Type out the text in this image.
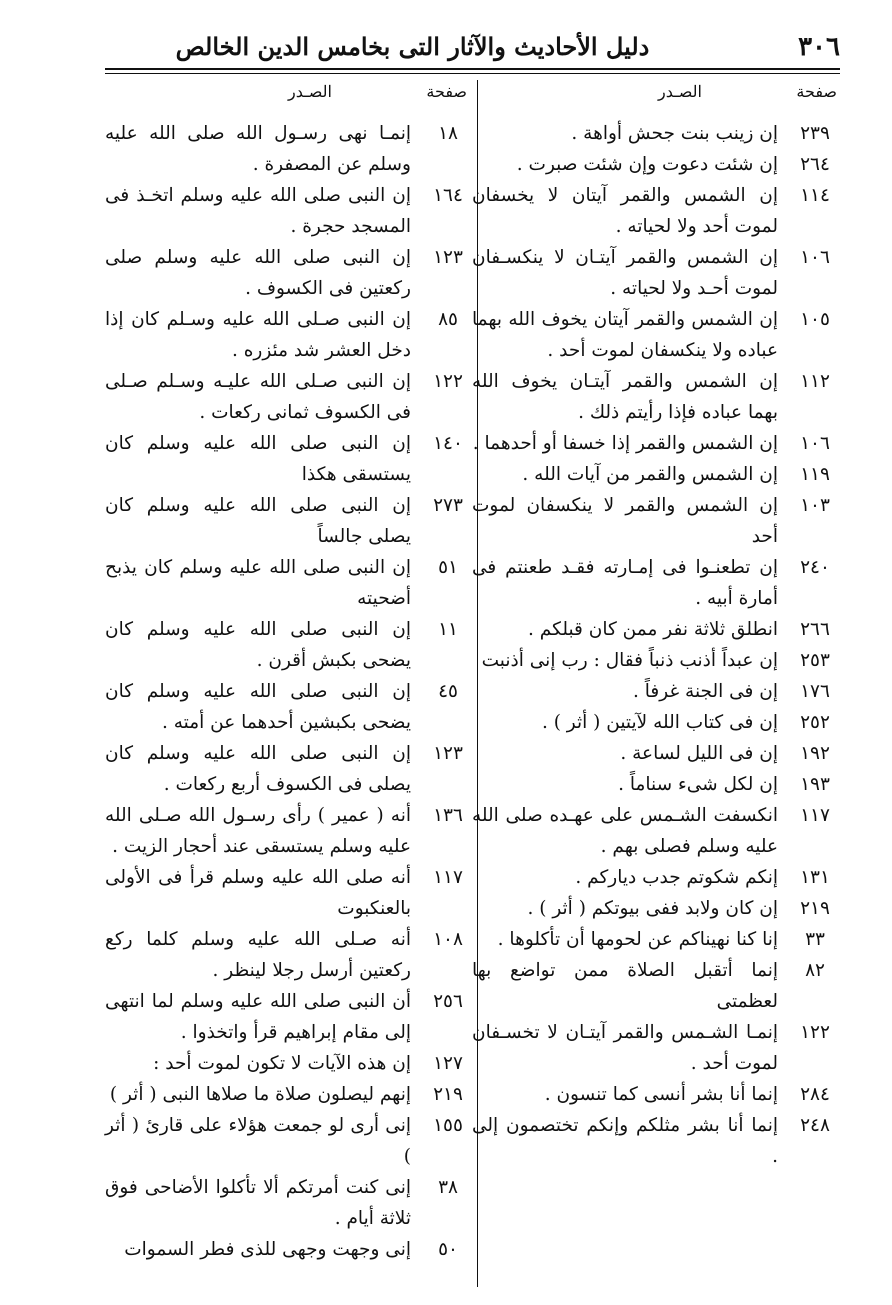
٣٠٦
دليل الأحاديث والآثار التى بخامس الدين الخالص
صفحة
الصـدر
صفحة
الصـدر
٢٣٩
إن زينب بنت جحش أواهة .
٢٦٤
إن شئت دعوت وإن شئت صبرت .
١١٤
إن الشمس والقمر آيتان لا يخسفان لموت أحد ولا لحياته .
١٠٦
إن الشمس والقمر آيتـان لا ينكسـفان لموت أحـد ولا لحياته .
١٠٥
إن الشمس والقمر آيتان يخوف الله بهما عباده ولا ينكسفان لموت أحد .
١١٢
إن الشمس والقمر آيتـان يخوف الله بهما عباده فإذا رأيتم ذلك .
١٠٦
إن الشمس والقمر إذا خسفا أو أحدهما .
١١٩
إن الشمس والقمر من آيات الله .
١٠٣
إن الشمس والقمر لا ينكسفان لموت أحد
٢٤٠
إن تطعنـوا فى إمـارته فقـد طعنتم فى أمارة أبيه .
٢٦٦
انطلق ثلاثة نفر ممن كان قبلكم .
٢٥٣
إن عبداً أذنب ذنباً فقال : رب إنى أذنبت
١٧٦
إن فى الجنة غرفاً .
٢٥٢
إن فى كتاب الله لآيتين ( أثر ) .
١٩٢
إن فى الليل لساعة .
١٩٣
إن لكل شىء سناماً .
١١٧
انكسفت الشـمس على عهـده صلى الله عليه وسلم فصلى بهم .
١٣١
إنكم شكوتم جدب دياركم .
٢١٩
إن كان ولابد ففى بيوتكم ( أثر ) .
٣٣
إنا كنا نهيناكم عن لحومها أن تأكلوها .
٨٢
إنما أتقبل الصلاة ممن تواضع بها لعظمتى
١٢٢
إنمـا الشـمس والقمر آيتـان لا تخسـفان لموت أحد .
٢٨٤
إنما أنا بشر أنسى كما تنسون .
٢٤٨
إنما أنا بشر مثلكم وإنكم تختصمون إلى .
١٨
إنمـا نهى رسـول الله صلى الله عليه وسلم عن المصفرة .
١٦٤
إن النبى صلى الله عليه وسلم اتخـذ فى المسجد حجرة .
١٢٣
إن النبى صلى الله عليه وسلم صلى ركعتين فى الكسوف .
٨٥
إن النبى صـلى الله عليه وسـلم كان إذا دخل العشر شد مئزره .
١٢٢
إن النبى صـلى الله عليـه وسـلم صـلى فى الكسوف ثمانى ركعات .
١٤٠
إن النبى صلى الله عليه وسلم كان يستسقى هكذا
٢٧٣
إن النبى صلى الله عليه وسلم كان يصلى جالساً
٥١
إن النبى صلى الله عليه وسلم كان يذبح أضحيته
١١
إن النبى صلى الله عليه وسلم كان يضحى بكبش أقرن .
٤٥
إن النبى صلى الله عليه وسلم كان يضحى بكبشين أحدهما عن أمته .
١٢٣
إن النبى صلى الله عليه وسلم كان يصلى فى الكسوف أربع ركعات .
١٣٦
أنه ( عمير ) رأى رسـول الله صـلى الله عليه وسلم يستسقى عند أحجار الزيت .
١١٧
أنه صلى الله عليه وسلم قرأ فى الأولى بالعنكبوت
١٠٨
أنه صـلى الله عليه وسلم كلما ركع ركعتين أرسل رجلا لينظر .
٢٥٦
أن النبى صلى الله عليه وسلم لما انتهى إلى مقام إبراهيم قرأ واتخذوا .
١٢٧
إن هذه الآيات لا تكون لموت أحد :
٢١٩
إنهم ليصلون صلاة ما صلاها النبى ( أثر )
١٥٥
إنى أرى لو جمعت هؤلاء على قارئ ( أثر )
٣٨
إنى كنت أمرتكم ألا تأكلوا الأضاحى فوق ثلاثة أيام .
٥٠
إنى وجهت وجهى للذى فطر السموات
